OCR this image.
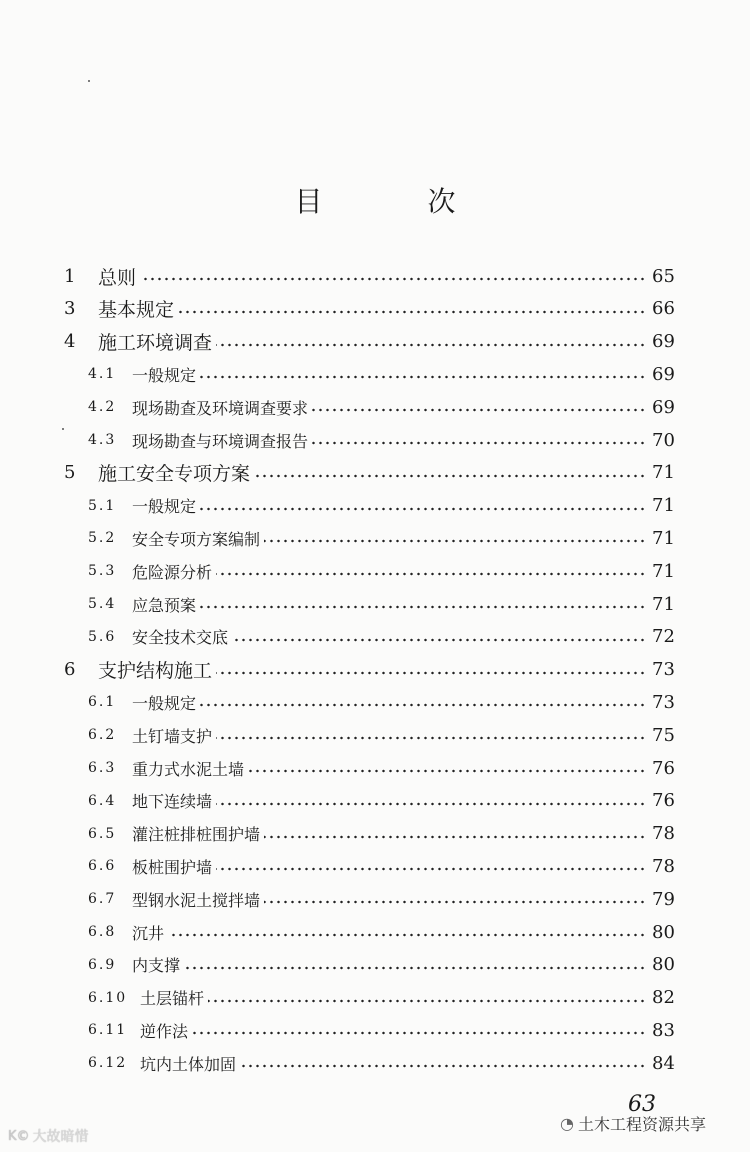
目 次
1 总则	65
3 基本规定	66
4 施工环境调查	69
4.1 一般规定	69
4.2 现场勘查及环境调查要求	69
4.3 现场勘查与环境调查报告	70
5 施工安全专项方案	71
5.1 一般规定	71
5.2 安全专项方案编制	71
5.3 危险源分析	71
5.4 应急预案	71
5.6 安全技术交底	72
6 支护结构施工	73
6.1 一般规定	73
6.2 土钉墙支护	75
6.3 重力式水泥土墙	76
6.4 地下连续墙	76
6.5 灌注桩排桩围护墙	78
6.6 板桩围护墙	78
6.7 型钢水泥土搅拌墙	79
6.8 沉井	80
6.9 内支撑	80
6.10 土层锚杆	82
6.11 逆作法	83
6.12 坑内土体加固	84
63
◔ 土木工程资源共享
K© 大故暗惜
